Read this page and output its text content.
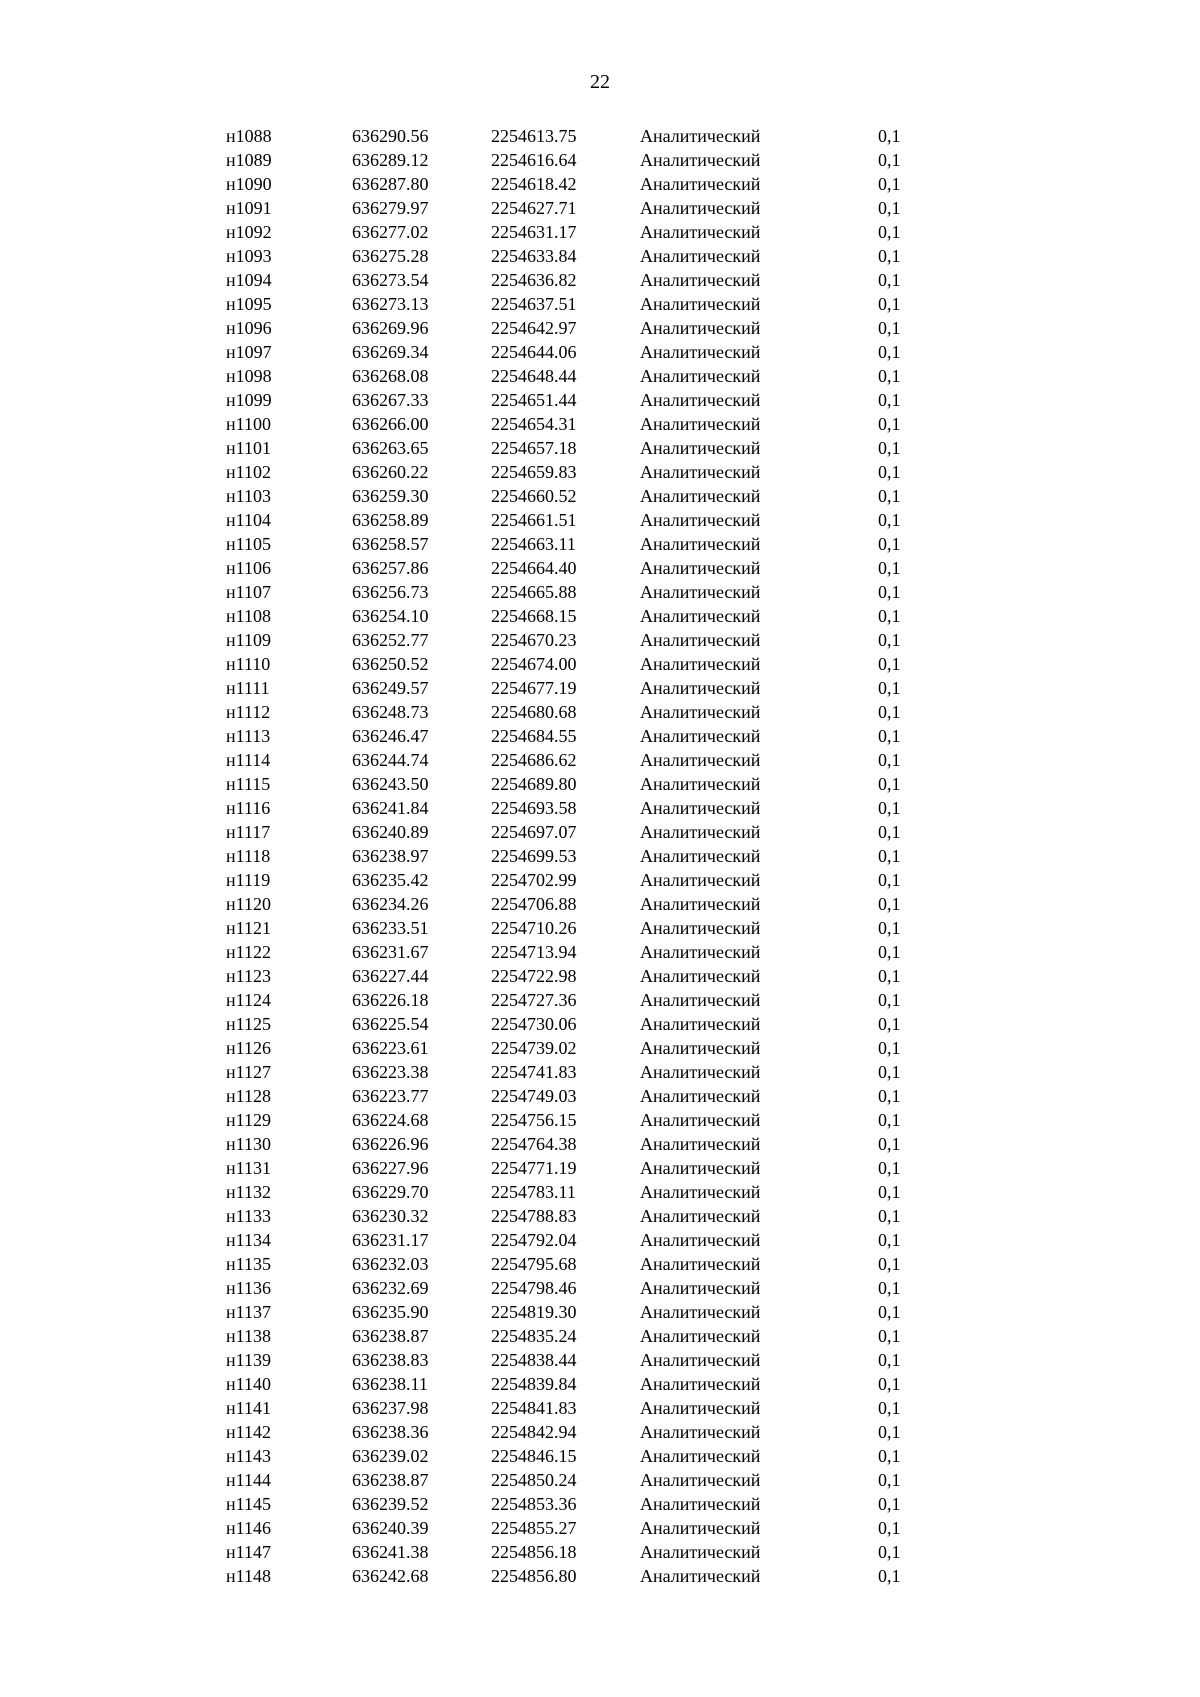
22
н1088	636290.56	2254613.75	Аналитический	0,1
н1089	636289.12	2254616.64	Аналитический	0,1
н1090	636287.80	2254618.42	Аналитический	0,1
н1091	636279.97	2254627.71	Аналитический	0,1
н1092	636277.02	2254631.17	Аналитический	0,1
н1093	636275.28	2254633.84	Аналитический	0,1
н1094	636273.54	2254636.82	Аналитический	0,1
н1095	636273.13	2254637.51	Аналитический	0,1
н1096	636269.96	2254642.97	Аналитический	0,1
н1097	636269.34	2254644.06	Аналитический	0,1
н1098	636268.08	2254648.44	Аналитический	0,1
н1099	636267.33	2254651.44	Аналитический	0,1
н1100	636266.00	2254654.31	Аналитический	0,1
н1101	636263.65	2254657.18	Аналитический	0,1
н1102	636260.22	2254659.83	Аналитический	0,1
н1103	636259.30	2254660.52	Аналитический	0,1
н1104	636258.89	2254661.51	Аналитический	0,1
н1105	636258.57	2254663.11	Аналитический	0,1
н1106	636257.86	2254664.40	Аналитический	0,1
н1107	636256.73	2254665.88	Аналитический	0,1
н1108	636254.10	2254668.15	Аналитический	0,1
н1109	636252.77	2254670.23	Аналитический	0,1
н1110	636250.52	2254674.00	Аналитический	0,1
н1111	636249.57	2254677.19	Аналитический	0,1
н1112	636248.73	2254680.68	Аналитический	0,1
н1113	636246.47	2254684.55	Аналитический	0,1
н1114	636244.74	2254686.62	Аналитический	0,1
н1115	636243.50	2254689.80	Аналитический	0,1
н1116	636241.84	2254693.58	Аналитический	0,1
н1117	636240.89	2254697.07	Аналитический	0,1
н1118	636238.97	2254699.53	Аналитический	0,1
н1119	636235.42	2254702.99	Аналитический	0,1
н1120	636234.26	2254706.88	Аналитический	0,1
н1121	636233.51	2254710.26	Аналитический	0,1
н1122	636231.67	2254713.94	Аналитический	0,1
н1123	636227.44	2254722.98	Аналитический	0,1
н1124	636226.18	2254727.36	Аналитический	0,1
н1125	636225.54	2254730.06	Аналитический	0,1
н1126	636223.61	2254739.02	Аналитический	0,1
н1127	636223.38	2254741.83	Аналитический	0,1
н1128	636223.77	2254749.03	Аналитический	0,1
н1129	636224.68	2254756.15	Аналитический	0,1
н1130	636226.96	2254764.38	Аналитический	0,1
н1131	636227.96	2254771.19	Аналитический	0,1
н1132	636229.70	2254783.11	Аналитический	0,1
н1133	636230.32	2254788.83	Аналитический	0,1
н1134	636231.17	2254792.04	Аналитический	0,1
н1135	636232.03	2254795.68	Аналитический	0,1
н1136	636232.69	2254798.46	Аналитический	0,1
н1137	636235.90	2254819.30	Аналитический	0,1
н1138	636238.87	2254835.24	Аналитический	0,1
н1139	636238.83	2254838.44	Аналитический	0,1
н1140	636238.11	2254839.84	Аналитический	0,1
н1141	636237.98	2254841.83	Аналитический	0,1
н1142	636238.36	2254842.94	Аналитический	0,1
н1143	636239.02	2254846.15	Аналитический	0,1
н1144	636238.87	2254850.24	Аналитический	0,1
н1145	636239.52	2254853.36	Аналитический	0,1
н1146	636240.39	2254855.27	Аналитический	0,1
н1147	636241.38	2254856.18	Аналитический	0,1
н1148	636242.68	2254856.80	Аналитический	0,1
